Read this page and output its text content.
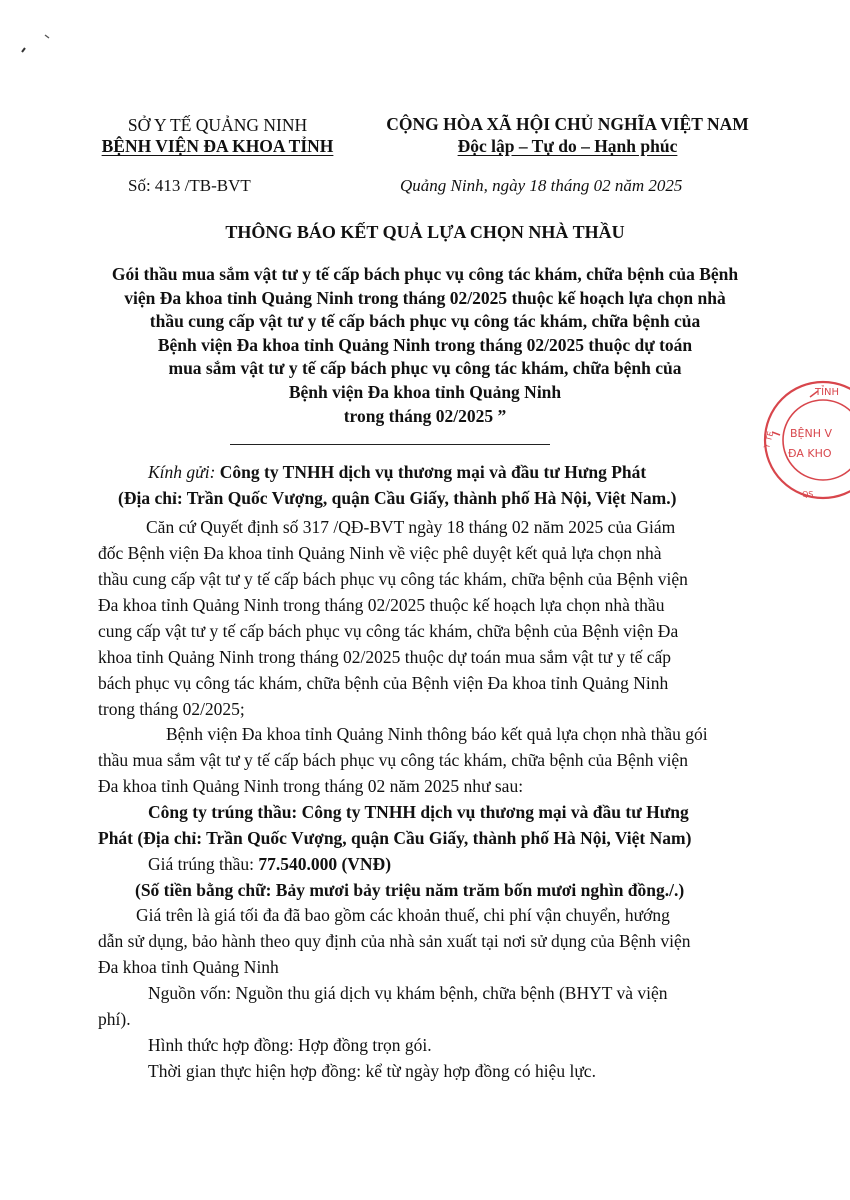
SỞ Y TẾ QUẢNG NINH
BỆNH VIỆN ĐA KHOA TỈNH
CỘNG HÒA XÃ HỘI CHỦ NGHĨA VIỆT NAM
Độc lập – Tự do – Hạnh phúc
Số: 413 /TB-BVT	Quảng Ninh, ngày 18 tháng 02 năm 2025
THÔNG BÁO KẾT QUẢ LỰA CHỌN NHÀ THẦU
Gói thầu mua sắm vật tư y tế cấp bách phục vụ công tác khám, chữa bệnh của Bệnh
viện Đa khoa tỉnh Quảng Ninh trong tháng 02/2025 thuộc kế hoạch lựa chọn nhà
thầu cung cấp vật tư y tế cấp bách phục vụ công tác khám, chữa bệnh của
Bệnh viện Đa khoa tỉnh Quảng Ninh trong tháng 02/2025 thuộc dự toán
mua sắm vật tư y tế cấp bách phục vụ công tác khám, chữa bệnh của
Bệnh viện Đa khoa tỉnh Quảng Ninh
trong tháng 02/2025 ”
Kính gửi: Công ty TNHH dịch vụ thương mại và đầu tư Hưng Phát
(Địa chỉ: Trần Quốc Vượng, quận Cầu Giấy, thành phố Hà Nội, Việt Nam.)
Căn cứ Quyết định số 317 /QĐ-BVT ngày 18 tháng 02 năm 2025 của Giám
đốc Bệnh viện Đa khoa tỉnh Quảng Ninh về việc phê duyệt kết quả lựa chọn nhà
thầu cung cấp vật tư y tế cấp bách phục vụ công tác khám, chữa bệnh của Bệnh viện
Đa khoa tỉnh Quảng Ninh trong tháng 02/2025 thuộc kế hoạch lựa chọn nhà thầu
cung cấp vật tư y tế cấp bách phục vụ công tác khám, chữa bệnh của Bệnh viện Đa
khoa tỉnh Quảng Ninh trong tháng 02/2025 thuộc dự toán mua sắm vật tư y tế cấp
bách phục vụ công tác khám, chữa bệnh của Bệnh viện Đa khoa tỉnh Quảng Ninh
trong tháng 02/2025;
Bệnh viện Đa khoa tỉnh Quảng Ninh thông báo kết quả lựa chọn nhà thầu gói
thầu mua sắm vật tư y tế cấp bách phục vụ công tác khám, chữa bệnh của Bệnh viện
Đa khoa tỉnh Quảng Ninh trong tháng 02 năm 2025 như sau:
Công ty trúng thầu: Công ty TNHH dịch vụ thương mại và đầu tư Hưng
Phát (Địa chỉ: Trần Quốc Vượng, quận Cầu Giấy, thành phố Hà Nội, Việt Nam)
Giá trúng thầu: 77.540.000 (VNĐ)
(Số tiền bằng chữ: Bảy mươi bảy triệu năm trăm bốn mươi nghìn đồng./.)
Giá trên là giá tối đa đã bao gồm các khoản thuế, chi phí vận chuyển, hướng
dẫn sử dụng, bảo hành theo quy định của nhà sản xuất tại nơi sử dụng của Bệnh viện
Đa khoa tỉnh Quảng Ninh
Nguồn vốn: Nguồn thu giá dịch vụ khám bệnh, chữa bệnh (BHYT và viện
phí).
Hình thức hợp đồng: Hợp đồng trọn gói.
Thời gian thực hiện hợp đồng: kể từ ngày hợp đồng có hiệu lực.
TỈNH
BỆNH V
ĐA KHO
Y TẾ
QS
